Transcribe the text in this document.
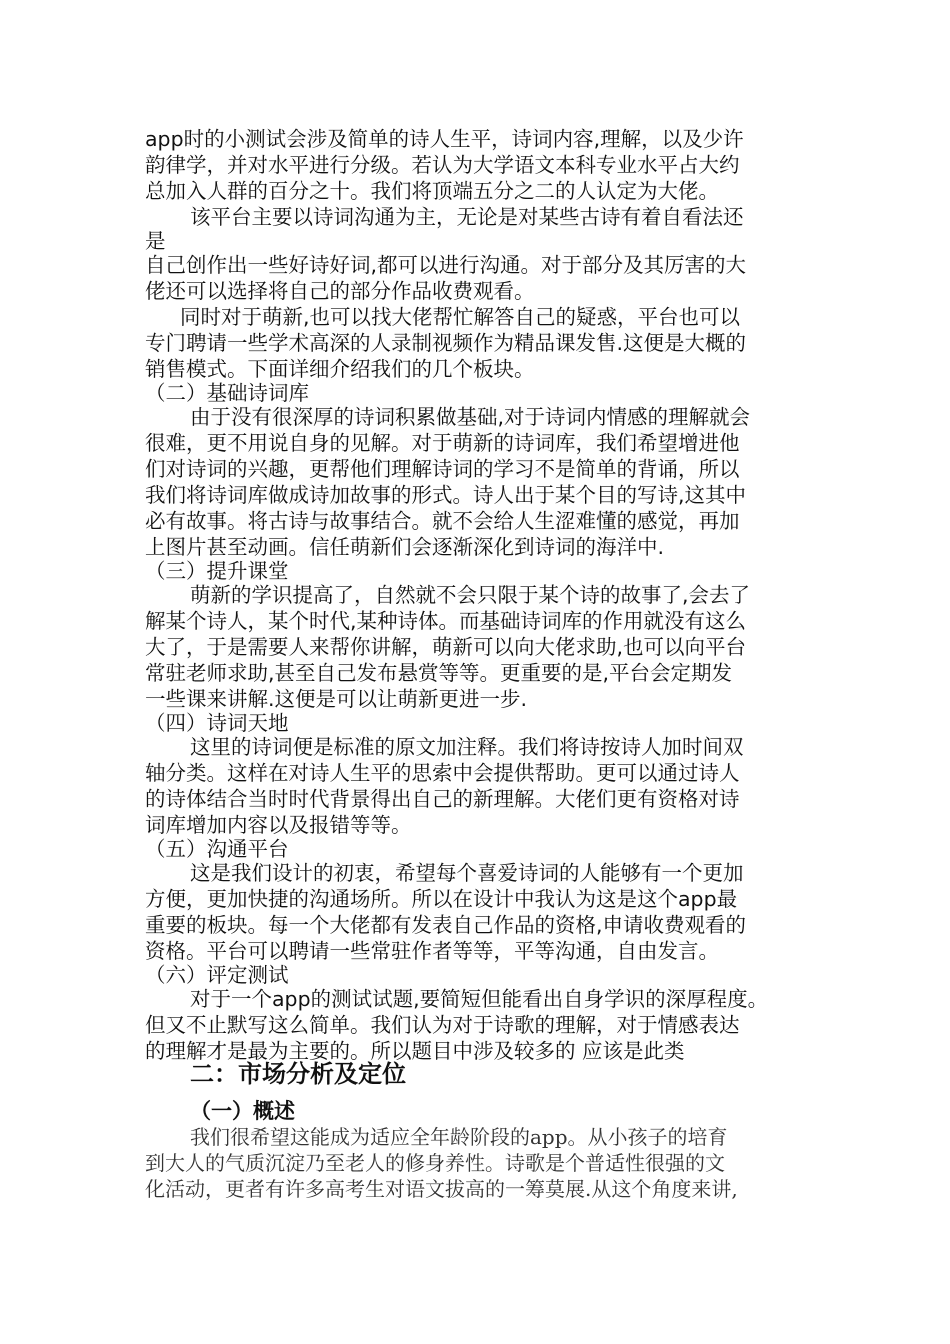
app时的小测试会涉及简单的诗人生平，诗词内容,理解，以及少许

韵律学，并对水平进行分级。若认为大学语文本科专业水平占大约

总加入人群的百分之十。我们将顶端五分之二的人认定为大佬。

该平台主要以诗词沟通为主，无论是对某些古诗有着自看法还

是

自己创作出一些好诗好词,都可以进行沟通。对于部分及其厉害的大

佬还可以选择将自己的部分作品收费观看。

同时对于萌新,也可以找大佬帮忙解答自己的疑惑，平台也可以

专门聘请一些学术高深的人录制视频作为精品课发售.这便是大概的

销售模式。下面详细介绍我们的几个板块。

（二）基础诗词库

由于没有很深厚的诗词积累做基础,对于诗词内情感的理解就会

很难，更不用说自身的见解。对于萌新的诗词库，我们希望增进他

们对诗词的兴趣，更帮他们理解诗词的学习不是简单的背诵，所以

我们将诗词库做成诗加故事的形式。诗人出于某个目的写诗,这其中

必有故事。将古诗与故事结合。就不会给人生涩难懂的感觉，再加

上图片甚至动画。信任萌新们会逐渐深化到诗词的海洋中.

（三）提升课堂

萌新的学识提高了，自然就不会只限于某个诗的故事了,会去了

解某个诗人，某个时代,某种诗体。而基础诗词库的作用就没有这么

大了，于是需要人来帮你讲解，萌新可以向大佬求助,也可以向平台

常驻老师求助,甚至自己发布悬赏等等。更重要的是,平台会定期发

一些课来讲解.这便是可以让萌新更进一步.

（四）诗词天地

这里的诗词便是标准的原文加注释。我们将诗按诗人加时间双

轴分类。这样在对诗人生平的思索中会提供帮助。更可以通过诗人

的诗体结合当时时代背景得出自己的新理解。大佬们更有资格对诗

词库增加内容以及报错等等。

（五）沟通平台

这是我们设计的初衷，希望每个喜爱诗词的人能够有一个更加

方便，更加快捷的沟通场所。所以在设计中我认为这是这个app最

重要的板块。每一个大佬都有发表自己作品的资格,申请收费观看的

资格。平台可以聘请一些常驻作者等等，平等沟通，自由发言。

（六）评定测试

对于一个app的测试试题,要简短但能看出自身学识的深厚程度。

但又不止默写这么简单。我们认为对于诗歌的理解，对于情感表达

的理解才是最为主要的。所以题目中涉及较多的 应该是此类

二：市场分析及定位
（一）概述

我们很希望这能成为适应全年龄阶段的app。从小孩子的培育

到大人的气质沉淀乃至老人的修身养性。诗歌是个普适性很强的文

化活动，更者有许多高考生对语文拔高的一筹莫展.从这个角度来讲,
